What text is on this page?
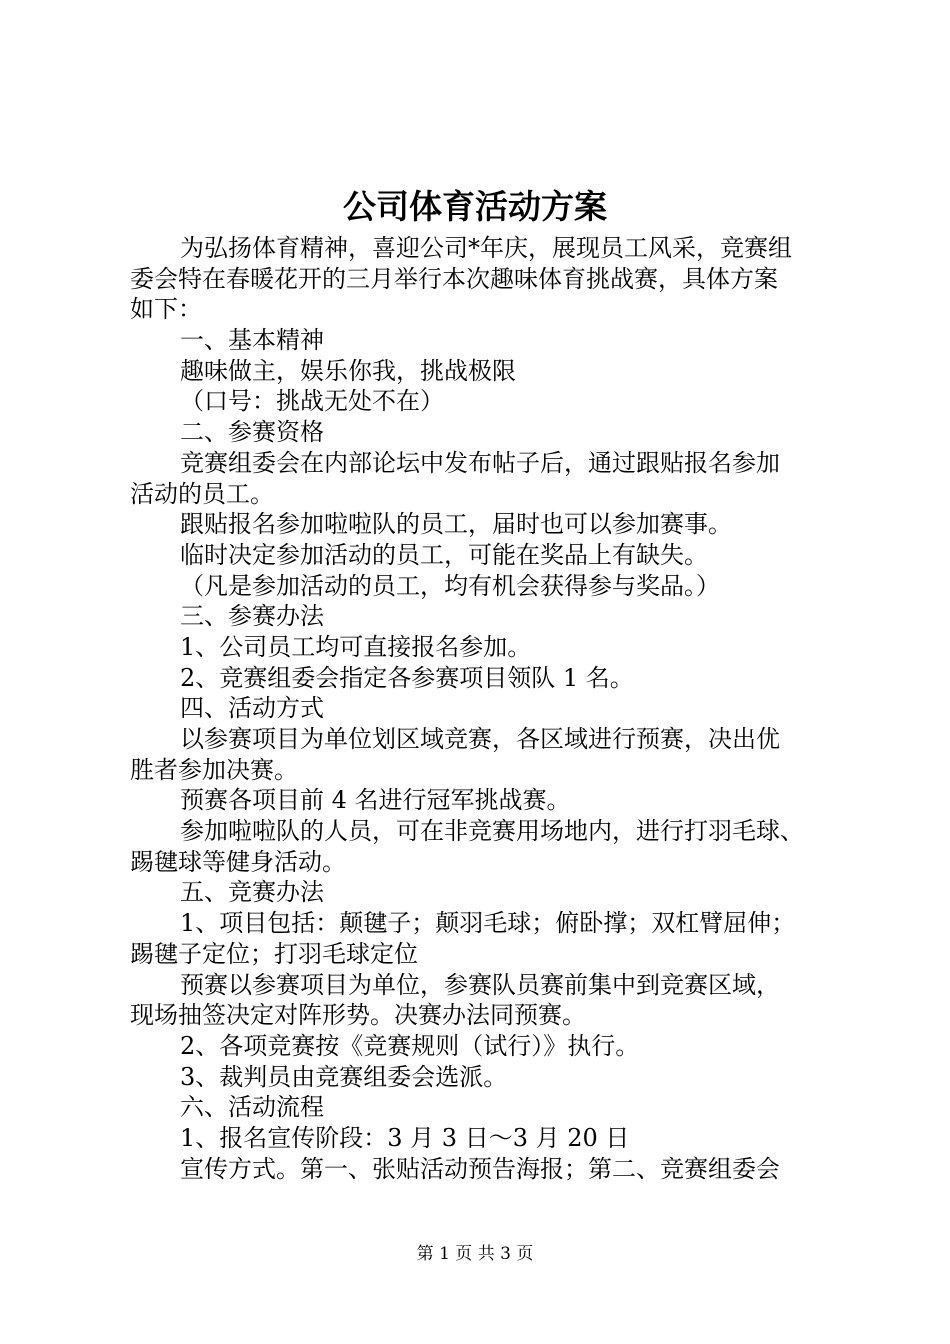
公司体育活动方案
为弘扬体育精神，喜迎公司*年庆，展现员工风采，竞赛组
委会特在春暖花开的三月举行本次趣味体育挑战赛，具体方案
如下：
一、基本精神
趣味做主，娱乐你我，挑战极限
（口号：挑战无处不在）
二、参赛资格
竞赛组委会在内部论坛中发布帖子后，通过跟贴报名参加
活动的员工。
跟贴报名参加啦啦队的员工，届时也可以参加赛事。
临时决定参加活动的员工，可能在奖品上有缺失。
（凡是参加活动的员工，均有机会获得参与奖品。）
三、参赛办法
1、公司员工均可直接报名参加。
2、竞赛组委会指定各参赛项目领队 1 名。
四、活动方式
以参赛项目为单位划区域竞赛，各区域进行预赛，决出优
胜者参加决赛。
预赛各项目前 4 名进行冠军挑战赛。
参加啦啦队的人员，可在非竞赛用场地内，进行打羽毛球、
踢毽球等健身活动。
五、竞赛办法
1、项目包括：颠毽子；颠羽毛球；俯卧撑；双杠臂屈伸；
踢毽子定位；打羽毛球定位
预赛以参赛项目为单位，参赛队员赛前集中到竞赛区域，
现场抽签决定对阵形势。决赛办法同预赛。
2、各项竞赛按《竞赛规则（试行）》执行。
3、裁判员由竞赛组委会选派。
六、活动流程
1、报名宣传阶段：3 月 3 日～3 月 20 日
宣传方式。第一、张贴活动预告海报；第二、竞赛组委会
第 1 页 共 3 页
